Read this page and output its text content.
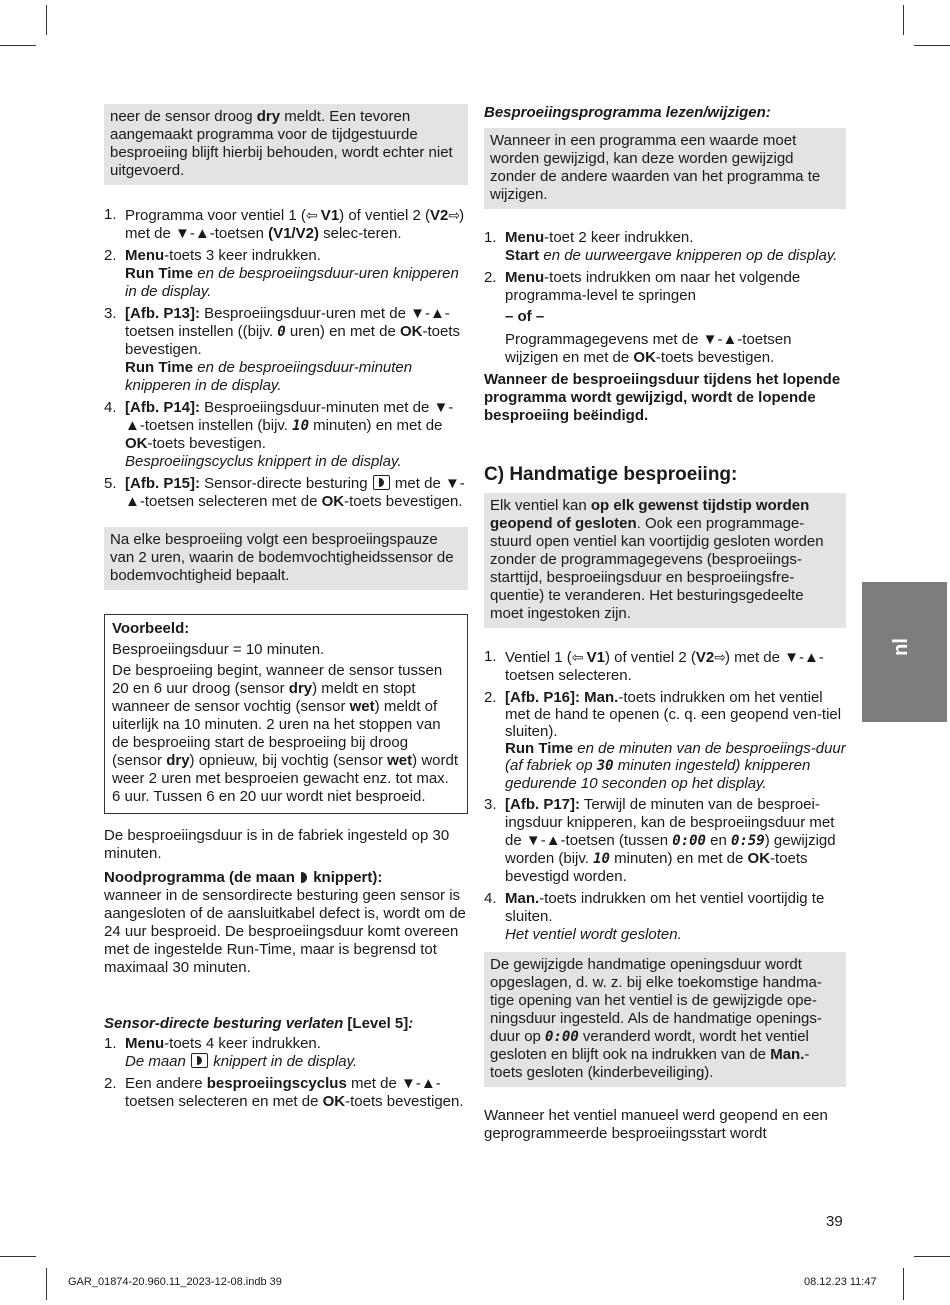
neer de sensor droog dry meldt. Een tevoren aangemaakt programma voor de tijdgestuurde besproeiing blijft hierbij behouden, wordt echter niet uitgevoerd.
1. Programma voor ventiel 1 (⇦ V1) of ventiel 2 (V2⇨) met de ▼-▲-toetsen (V1/V2) selec-teren.
2. Menu-toets 3 keer indrukken.
Run Time en de besproeiingsduur-uren knipperen in de display.
3. [Afb. P13]: Besproeiingsduur-uren met de ▼-▲-toetsen instellen ((bijv. 0 uren) en met de OK-toets bevestigen.
Run Time en de besproeiingsduur-minuten knipperen in de display.
4. [Afb. P14]: Besproeiingsduur-minuten met de ▼-▲-toetsen instellen (bijv. 10 minuten) en met de OK-toets bevestigen.
Besproeiingscyclus knippert in de display.
5. [Afb. P15]: Sensor-directe besturing  met de ▼-▲-toetsen selecteren met de OK-toets bevestigen.
Na elke besproeiing volgt een besproeiingspauze van 2 uren, waarin de bodemvochtigheidssensor de bodemvochtigheid bepaalt.

Voorbeeld:

Besproeiingsduur = 10 minuten.

De besproeiing begint, wanneer de sensor tussen 20 en 6 uur droog (sensor dry) meldt en stopt wanneer de sensor vochtig (sensor wet) meldt of uiterlijk na 10 minuten. 2 uren na het stoppen van de besproeiing start de besproeiing bij droog (sensor dry) opnieuw, bij vochtig (sensor wet) wordt weer 2 uren met besproeien gewacht enz. tot max. 6 uur. Tussen 6 en 20 uur wordt niet besproeid.

De besproeiingsduur is in de fabriek ingesteld op 30 minuten.

Noodprogramma (de maan  knippert):
wanneer in de sensordirecte besturing geen sensor is aangesloten of de aansluitkabel defect is, wordt om de 24 uur besproeid. De besproeiingsduur komt overeen met de ingestelde Run-Time, maar is begrensd tot maximaal 30 minuten.

Sensor-directe besturing verlaten [Level 5]:

1. Menu-toets 4 keer indrukken.
De maan  knippert in de display.
2. Een andere besproeiingscyclus met de ▼-▲-toetsen selecteren en met de OK-toets bevestigen.

Besproeiingsprogramma lezen/wijzigen:

Wanneer in een programma een waarde moet worden gewijzigd, kan deze worden gewijzigd zonder de andere waarden van het programma te wijzigen.
1. Menu-toet 2 keer indrukken.
Start en de uurweergave knipperen op de display.
2. Menu-toets indrukken om naar het volgende programma-level te springen
– of –
Programmagegevens met de ▼-▲-toetsen wijzigen en met de OK-toets bevestigen.

Wanneer de besproeiingsduur tijdens het lopende programma wordt gewijzigd, wordt de lopende besproeiing beëindigd.

C) Handmatige besproeiing:
Elk ventiel kan op elk gewenst tijdstip worden geopend of gesloten. Ook een programmage-stuurd open ventiel kan voortijdig gesloten worden zonder de programmagegevens (besproeiings-starttijd, besproeiingsduur en besproeiingsfre-quentie) te veranderen. Het besturingsgedeelte moet ingestoken zijn.
1. Ventiel 1 (⇦ V1) of ventiel 2 (V2⇨) met de ▼-▲-toetsen selecteren.
2. [Afb. P16]: Man.-toets indrukken om het ventiel met de hand te openen (c. q. een geopend ven-tiel sluiten).
Run Time en de minuten van de besproeiings-duur (af fabriek op 30 minuten ingesteld) knipperen gedurende 10 seconden op het display.
3. [Afb. P17]: Terwijl de minuten van de besproei-ingsduur knipperen, kan de besproeiingsduur met de ▼-▲-toetsen (tussen 0:00 en 0:59) gewijzigd worden (bijv. 10 minuten) en met de OK-toets bevestigd worden.
4. Man.-toets indrukken om het ventiel voortijdig te sluiten.
Het ventiel wordt gesloten.
De gewijzigde handmatige openingsduur wordt opgeslagen, d. w. z. bij elke toekomstige handma-tige opening van het ventiel is de gewijzigde ope-ningsduur ingesteld. Als de handmatige openings-duur op 0:00 veranderd wordt, wordt het ventiel gesloten en blijft ook na indrukken van de Man.-toets gesloten (kinderbeveiliging).

Wanneer het ventiel manueel werd geopend en een geprogrammeerde besproeiingsstart wordt

nl
39
GAR_01874-20.960.11_2023-12-08.indb 39	08.12.23 11:47
